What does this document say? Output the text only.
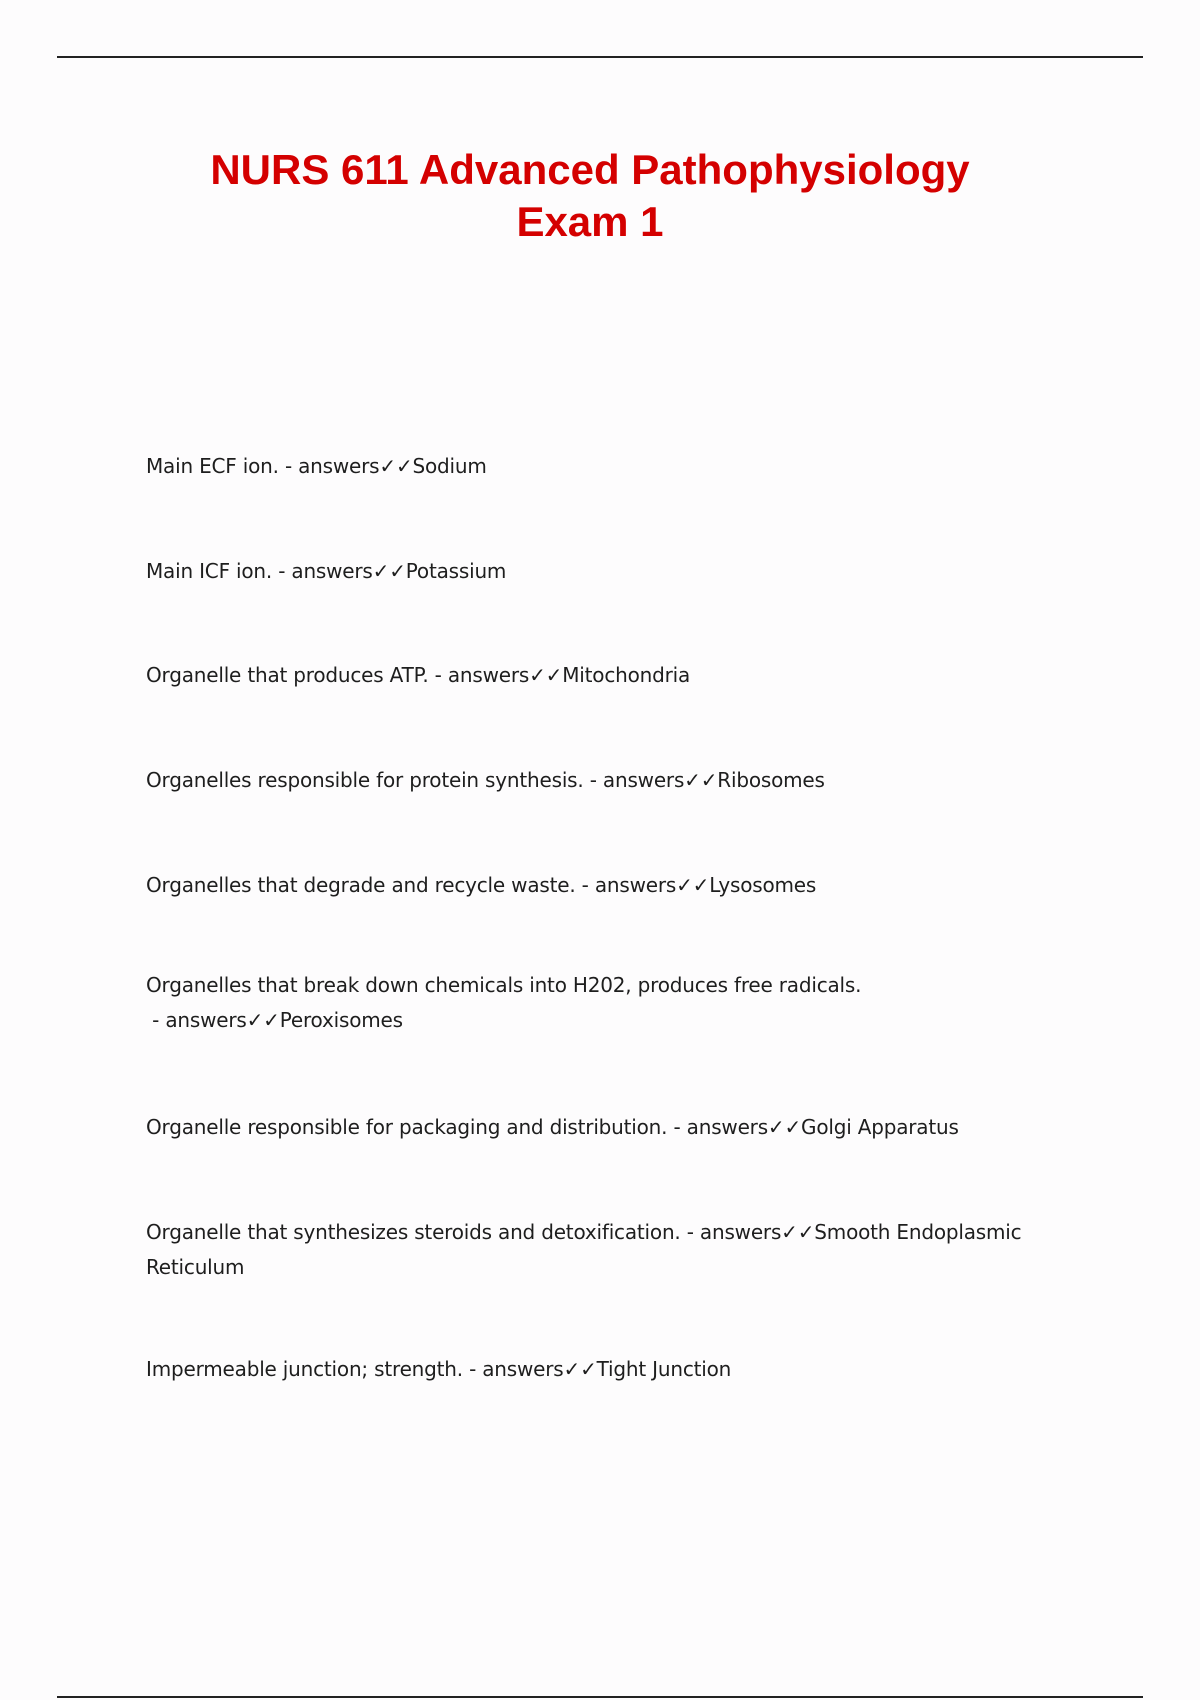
NURS 611 Advanced Pathophysiology
Exam 1
Main ECF ion. - answers✓✓Sodium
Main ICF ion. - answers✓✓Potassium
Organelle that produces ATP. - answers✓✓Mitochondria
Organelles responsible for protein synthesis. - answers✓✓Ribosomes
Organelles that degrade and recycle waste. - answers✓✓Lysosomes
Organelles that break down chemicals into H202, produces free radicals. - answers✓✓Peroxisomes
Organelle responsible for packaging and distribution. - answers✓✓Golgi Apparatus
Organelle that synthesizes steroids and detoxification. - answers✓✓Smooth Endoplasmic Reticulum
Impermeable junction; strength. - answers✓✓Tight Junction
